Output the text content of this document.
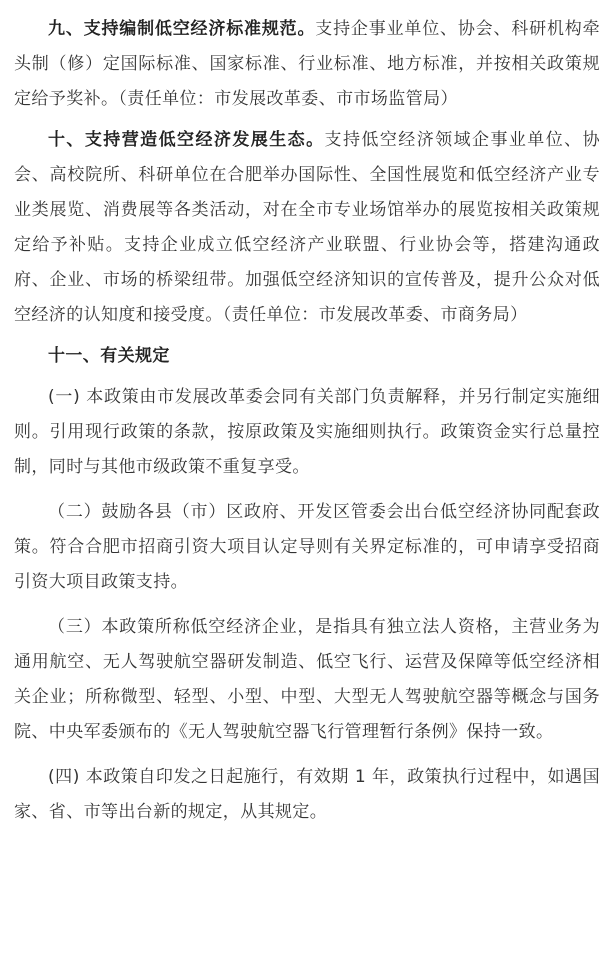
九、支持编制低空经济标准规范。支持企事业单位、协会、科研机构牵头制（修）定国际标准、国家标准、行业标准、地方标准，并按相关政策规定给予奖补。（责任单位：市发展改革委、市市场监管局）

十、支持营造低空经济发展生态。支持低空经济领域企事业单位、协会、高校院所、科研单位在合肥举办国际性、全国性展览和低空经济产业专业类展览、消费展等各类活动，对在全市专业场馆举办的展览按相关政策规定给予补贴。支持企业成立低空经济产业联盟、行业协会等，搭建沟通政府、企业、市场的桥梁纽带。加强低空经济知识的宣传普及，提升公众对低空经济的认知度和接受度。（责任单位：市发展改革委、市商务局）

十一、有关规定

(一) 本政策由市发展改革委会同有关部门负责解释，并另行制定实施细则。引用现行政策的条款，按原政策及实施细则执行。政策资金实行总量控制，同时与其他市级政策不重复享受。

（二）鼓励各县（市）区政府、开发区管委会出台低空经济协同配套政策。符合合肥市招商引资大项目认定导则有关界定标准的，可申请享受招商引资大项目政策支持。

（三）本政策所称低空经济企业，是指具有独立法人资格，主营业务为通用航空、无人驾驶航空器研发制造、低空飞行、运营及保障等低空经济相关企业；所称微型、轻型、小型、中型、大型无人驾驶航空器等概念与国务院、中央军委颁布的《无人驾驶航空器飞行管理暂行条例》保持一致。

(四) 本政策自印发之日起施行，有效期 1 年，政策执行过程中，如遇国家、省、市等出台新的规定，从其规定。
